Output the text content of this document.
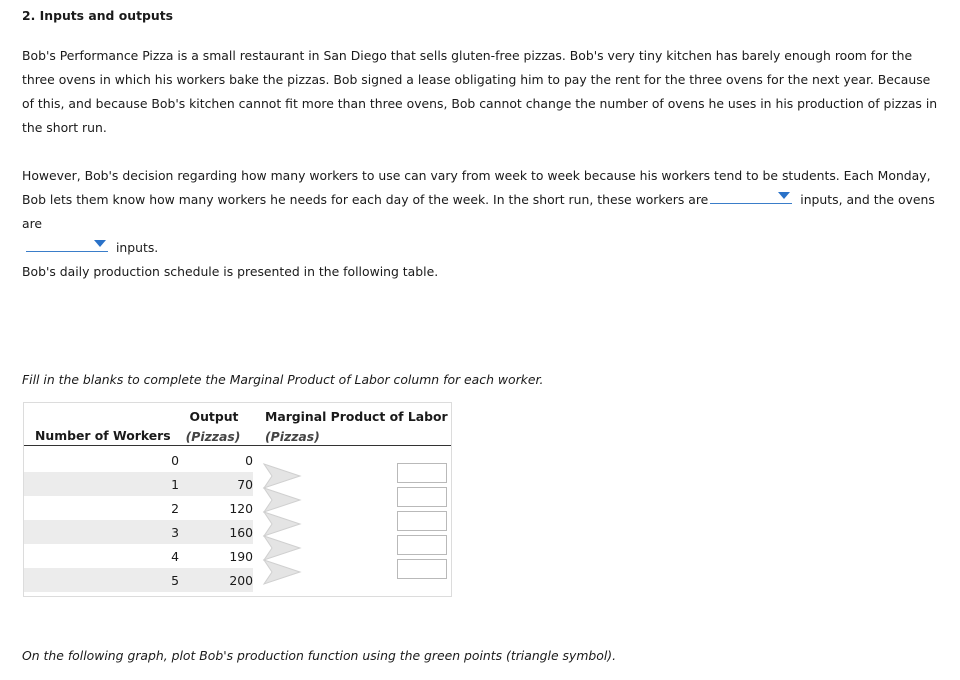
2. Inputs and outputs
Bob's Performance Pizza is a small restaurant in San Diego that sells gluten-free pizzas. Bob's very tiny kitchen has barely enough room for the three ovens in which his workers bake the pizzas. Bob signed a lease obligating him to pay the rent for the three ovens for the next year. Because of this, and because Bob's kitchen cannot fit more than three ovens, Bob cannot change the number of ovens he uses in his production of pizzas in the short run.
However, Bob's decision regarding how many workers to use can vary from week to week because his workers tend to be students. Each Monday, Bob lets them know how many workers he needs for each day of the week. In the short run, these workers are	inputs, and the ovens are

inputs.
Bob's daily production schedule is presented in the following table.
Fill in the blanks to complete the Marginal Product of Labor column for each worker.
Number of Workers
Output
(Pizzas)
Marginal Product of Labor
(Pizzas)
0	0
1	70
2	120
3	160
4	190
5	200
On the following graph, plot Bob's production function using the green points (triangle symbol).
